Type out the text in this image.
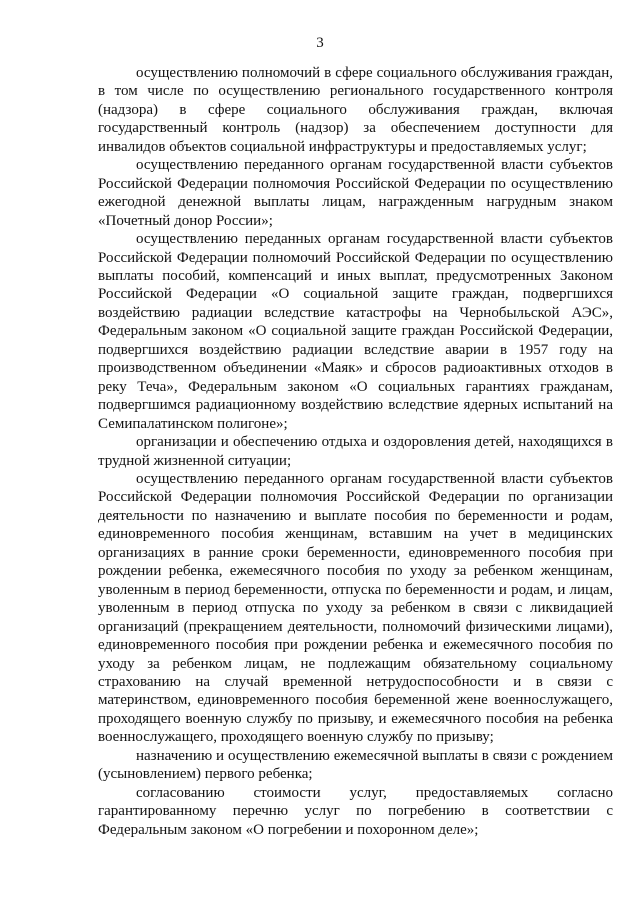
3

осуществлению полномочий в сфере социального обслуживания граждан, в том числе по осуществлению регионального государственного контроля (надзора) в сфере социального обслуживания граждан, включая государственный контроль (надзор) за обеспечением доступности для инвалидов объектов социальной инфраструктуры и предоставляемых услуг;

осуществлению переданного органам государственной власти субъектов Российской Федерации полномочия Российской Федерации по осуществлению ежегодной денежной выплаты лицам, награжденным нагрудным знаком «Почетный донор России»;

осуществлению переданных органам государственной власти субъектов Российской Федерации полномочий Российской Федерации по осуществлению выплаты пособий, компенсаций и иных выплат, предусмотренных Законом Российской Федерации «О социальной защите граждан, подвергшихся воздействию радиации вследствие катастрофы на Чернобыльской АЭС», Федеральным законом «О социальной защите граждан Российской Федерации, подвергшихся воздействию радиации вследствие аварии в 1957 году на производственном объединении «Маяк» и сбросов радиоактивных отходов в реку Теча», Федеральным законом «О социальных гарантиях гражданам, подвергшимся радиационному воздействию вследствие ядерных испытаний на Семипалатинском полигоне»;

организации и обеспечению отдыха и оздоровления детей, находящихся в трудной жизненной ситуации;

осуществлению переданного органам государственной власти субъектов Российской Федерации полномочия Российской Федерации по организации деятельности по назначению и выплате пособия по беременности и родам, единовременного пособия женщинам, вставшим на учет в медицинских организациях в ранние сроки беременности, единовременного пособия при рождении ребенка, ежемесячного пособия по уходу за ребенком женщинам, уволенным в период беременности, отпуска по беременности и родам, и лицам, уволенным в период отпуска по уходу за ребенком в связи с ликвидацией организаций (прекращением деятельности, полномочий физическими лицами), единовременного пособия при рождении ребенка и ежемесячного пособия по уходу за ребенком лицам, не подлежащим обязательному социальному страхованию на случай временной нетрудоспособности и в связи с материнством, единовременного пособия беременной жене военнослужащего, проходящего военную службу по призыву, и ежемесячного пособия на ребенка военнослужащего, проходящего военную службу по призыву;

назначению и осуществлению ежемесячной выплаты в связи с рождением (усыновлением) первого ребенка;

согласованию стоимости услуг, предоставляемых согласно гарантированному перечню услуг по погребению в соответствии с Федеральным законом «О погребении и похоронном деле»;
